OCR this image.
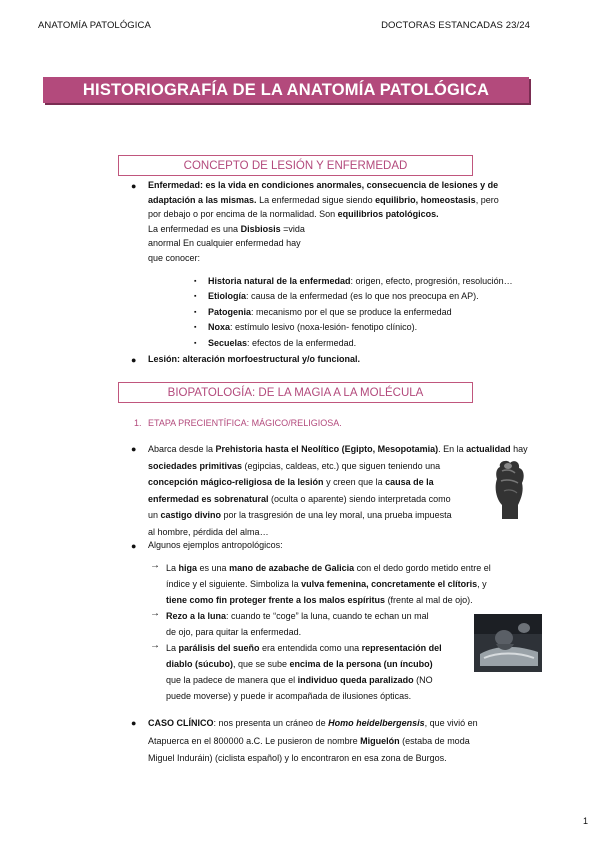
ANATOMÍA PATOLÓGICA	DOCTORAS ESTANCADAS 23/24
HISTORIOGRAFÍA DE LA ANATOMÍA PATOLÓGICA
CONCEPTO DE LESIÓN Y ENFERMEDAD
● Enfermedad: es la vida en condiciones anormales, consecuencia de lesiones y de
adaptación a las mismas. La enfermedad sigue siendo equilibrio, homeostasis, pero
por debajo o por encima de la normalidad. Son equilibrios patológicos.
La enfermedad es una Disbiosis =vida
anormal En cualquier enfermedad hay
que conocer:
Historia natural de la enfermedad: origen, efecto, progresión, resolución…
Etiología: causa de la enfermedad (es lo que nos preocupa en AP).
Patogenia: mecanismo por el que se produce la enfermedad
Noxa: estímulo lesivo (noxa-lesión- fenotipo clínico).
Secuelas: efectos de la enfermedad.
▪
▪
▪
▪
▪
● Lesión: alteración morfoestructural y/o funcional.
BIOPATOLOGÍA: DE LA MAGIA A LA MOLÉCULA
1. ETAPA PRECIENTÍFICA: MÁGICO/RELIGIOSA.
● Abarca desde la Prehistoria hasta el Neolítico (Egipto, Mesopotamia). En la actualidad hay
sociedades primitivas (egipcias, caldeas, etc.) que siguen teniendo una
concepción mágico-religiosa de la lesión y creen que la causa de la
enfermedad es sobrenatural (oculta o aparente) siendo interpretada como
un castigo divino por la trasgresión de una ley moral, una prueba impuesta
al hombre, pérdida del alma…
● Algunos ejemplos antropológicos:
→ La higa es una mano de azabache de Galicia con el dedo gordo metido entre el
índice y el siguiente. Simboliza la vulva femenina, concretamente el clítoris, y
tiene como fin proteger frente a los malos espíritus (frente al mal de ojo).
→ Rezo a la luna: cuando te “coge” la luna, cuando te echan un mal
de ojo, para quitar la enfermedad.
→ La parálisis del sueño era entendida como una representación del
diablo (súcubo), que se sube encima de la persona (un íncubo)
que la padece de manera que el individuo queda paralizado (NO
puede moverse) y puede ir acompañada de ilusiones ópticas.
● CASO CLÍNICO: nos presenta un cráneo de Homo heidelbergensis, que vivió en
Atapuerca en el 800000 a.C. Le pusieron de nombre Miguelón (estaba de moda
Miguel Induráin) (ciclista español) y lo encontraron en esa zona de Burgos.
1
